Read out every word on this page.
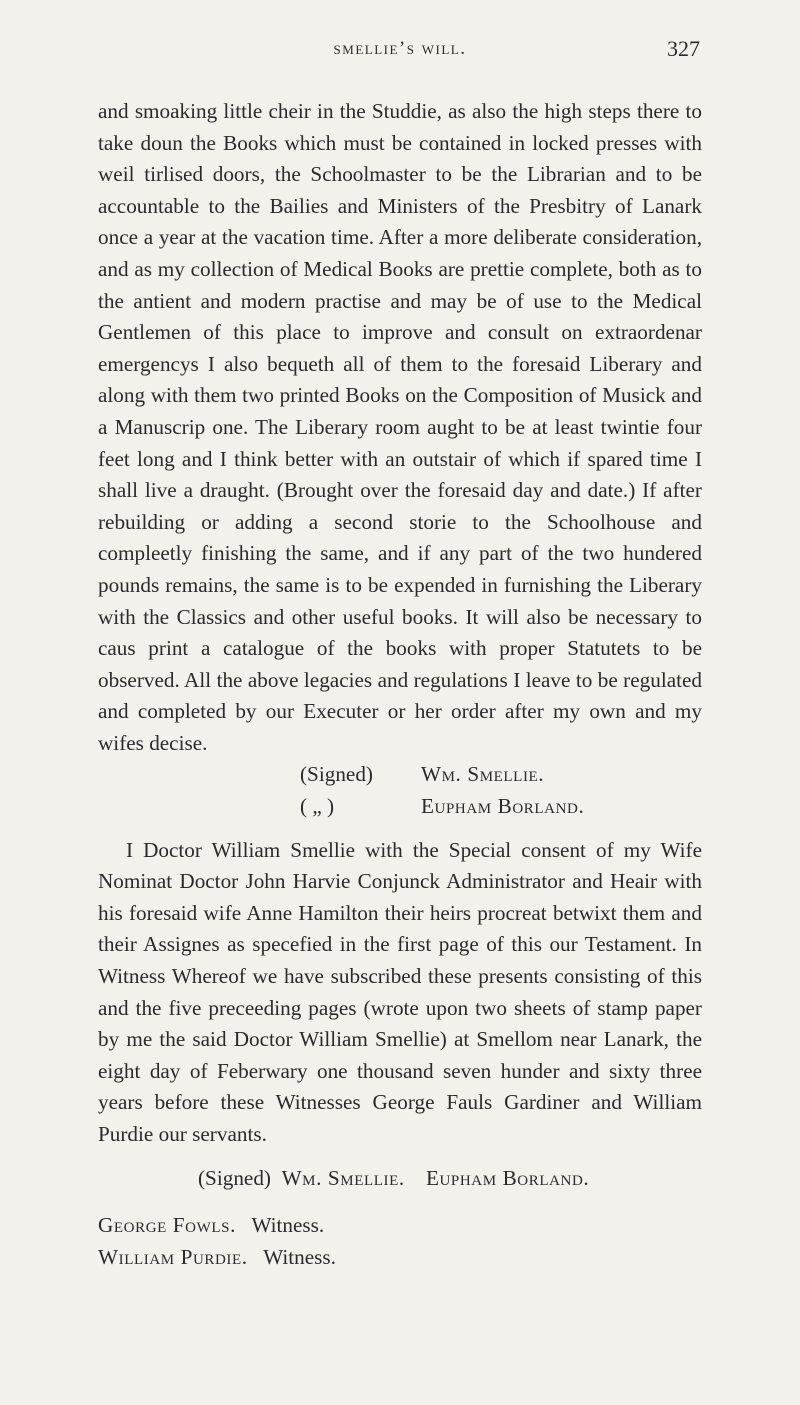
smellie’s will.	327

and smoaking little cheir in the Studdie, as also the high steps there to take doun the Books which must be contained in locked presses with weil tirlised doors, the Schoolmaster to be the Librarian and to be accountable to the Bailies and Ministers of the Presbitry of Lanark once a year at the vacation time. After a more deliberate consideration, and as my collection of Medical Books are prettie complete, both as to the antient and modern practise and may be of use to the Medical Gentlemen of this place to improve and consult on extraordenar emergencys I also bequeth all of them to the foresaid Liberary and along with them two printed Books on the Composition of Musick and a Manuscrip one. The Liberary room aught to be at least twintie four feet long and I think better with an outstair of which if spared time I shall live a draught. (Brought over the foresaid day and date.) If after rebuilding or adding a second storie to the Schoolhouse and compleetly finishing the same, and if any part of the two hundered pounds remains, the same is to be expended in furnishing the Liberary with the Classics and other useful books. It will also be necessary to caus print a catalogue of the books with proper Statutets to be observed. All the above legacies and regulations I leave to be regulated and completed by our Executer or her order after my own and my wifes decise.

(Signed) Wm. Smellie.
( „ )	Eupham Borland.

I Doctor William Smellie with the Special consent of my Wife Nominat Doctor John Harvie Conjunck Administrator and Heair with his foresaid wife Anne Hamilton their heirs procreat betwixt them and their Assignes as specefied in the first page of this our Testament. In Witness Whereof we have subscribed these presents consisting of this and the five preceeding pages (wrote upon two sheets of stamp paper by me the said Doctor William Smellie) at Smellom near Lanark, the eight day of Feberwary one thousand seven hunder and sixty three years before these Witnesses George Fauls Gardiner and William Purdie our servants.

(Signed) Wm. Smellie. Eupham Borland.
George Fowls. Witness.
William Purdie. Witness.
